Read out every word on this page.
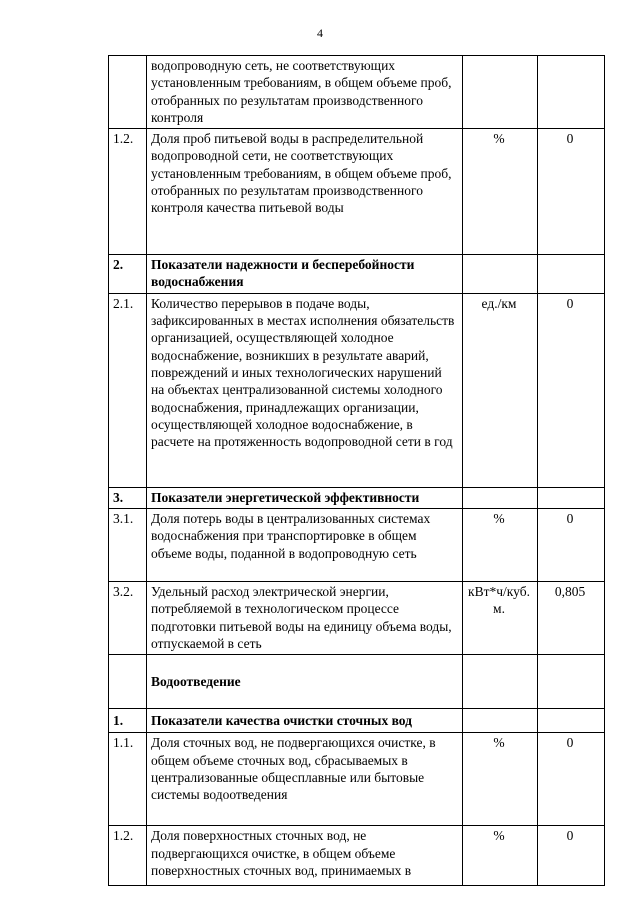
4
	водопроводную сеть, не соответствующих установленным требованиям, в общем объеме проб, отобранных по результатам производственного контроля		
1.2.	Доля проб питьевой воды в распределительной водопроводной сети, не соответствующих установленным требованиям, в общем объеме проб, отобранных по результатам производственного контроля качества питьевой воды	%	0
2.	Показатели надежности и бесперебойности водоснабжения		
2.1.	Количество перерывов в подаче воды, зафиксированных в местах исполнения обязательств организацией, осуществляющей холодное водоснабжение, возникших в результате аварий, повреждений и иных технологических нарушений на объектах централизованной системы холодного водоснабжения, принадлежащих организации, осуществляющей холодное водоснабжение, в расчете на протяженность водопроводной сети в год	ед./км	0
3.	Показатели энергетической эффективности		
3.1.	Доля потерь воды в централизованных системах водоснабжения при транспортировке в общем объеме воды, поданной в водопроводную сеть	%	0
3.2.	Удельный расход электрической энергии, потребляемой в технологическом процессе подготовки питьевой воды на единицу объема воды, отпускаемой в сеть	кВт*ч/куб. м.	0,805
	Водоотведение		
1.	Показатели качества очистки сточных вод		
1.1.	Доля сточных вод, не подвергающихся очистке, в общем объеме сточных вод, сбрасываемых в централизованные общесплавные или бытовые системы водоотведения	%	0
1.2.	Доля поверхностных сточных вод, не подвергающихся очистке, в общем объеме поверхностных сточных вод, принимаемых в	%	0
